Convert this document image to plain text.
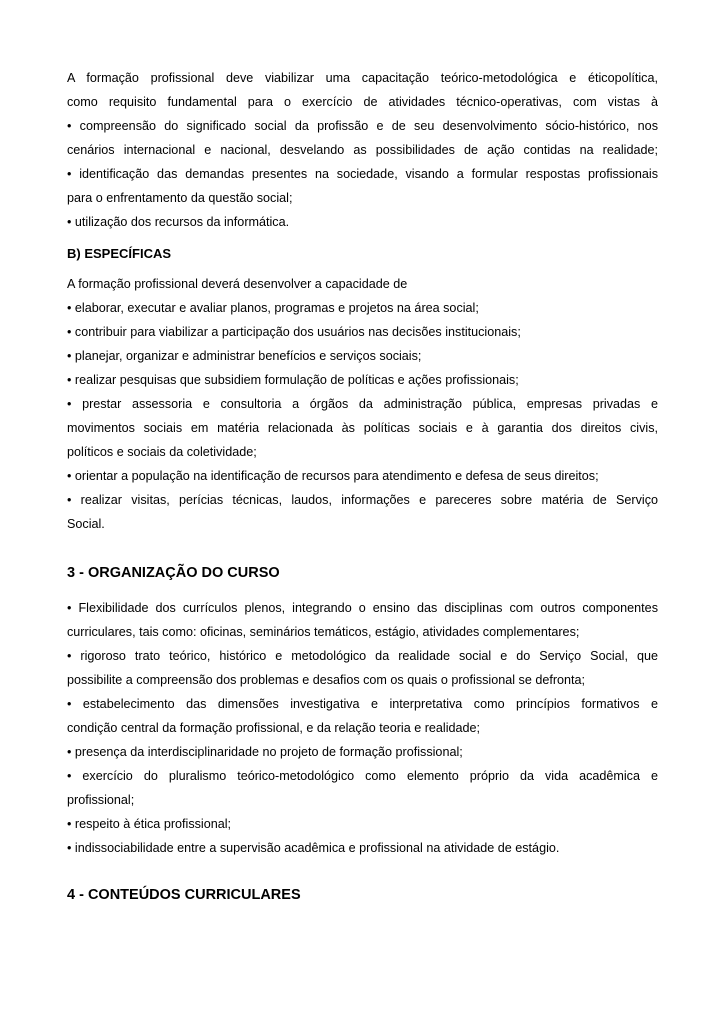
A formação profissional deve viabilizar uma capacitação teórico-metodológica e éticopolítica,
como requisito fundamental para o exercício de atividades técnico-operativas, com vistas à
• compreensão do significado social da profissão e de seu desenvolvimento sócio-histórico, nos
cenários internacional e nacional, desvelando as possibilidades de ação contidas na realidade;
• identificação das demandas presentes na sociedade, visando a formular respostas profissionais
para o enfrentamento da questão social;
• utilização dos recursos da informática.
B) ESPECÍFICAS
A formação profissional deverá desenvolver a capacidade de
• elaborar, executar e avaliar planos, programas e projetos na área social;
• contribuir para viabilizar a participação dos usuários nas decisões institucionais;
• planejar, organizar e administrar benefícios e serviços sociais;
• realizar pesquisas que subsidiem formulação de políticas e ações profissionais;
• prestar assessoria e consultoria a órgãos da administração pública, empresas privadas e
movimentos sociais em matéria relacionada às políticas sociais e à garantia dos direitos civis,
políticos e sociais da coletividade;
• orientar a população na identificação de recursos para atendimento e defesa de seus direitos;
• realizar visitas, perícias técnicas, laudos, informações e pareceres sobre matéria de Serviço
Social.
3 - ORGANIZAÇÃO DO CURSO
• Flexibilidade dos currículos plenos, integrando o ensino das disciplinas com outros componentes
curriculares, tais como: oficinas, seminários temáticos, estágio, atividades complementares;
• rigoroso trato teórico, histórico e metodológico da realidade social e do Serviço Social, que
possibilite a compreensão dos problemas e desafios com os quais o profissional se defronta;
• estabelecimento das dimensões investigativa e interpretativa como princípios formativos e
condição central da formação profissional, e da relação teoria e realidade;
• presença da interdisciplinaridade no projeto de formação profissional;
• exercício do pluralismo teórico-metodológico como elemento próprio da vida acadêmica e
profissional;
• respeito à ética profissional;
• indissociabilidade entre a supervisão acadêmica e profissional na atividade de estágio.
4 - CONTEÚDOS CURRICULARES
